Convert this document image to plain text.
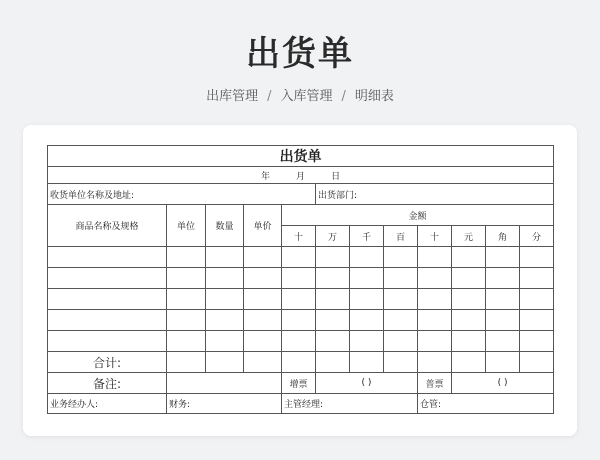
出货单
出库管理 / 入库管理 / 明细表
出货单											
年 月 日											
收货单位名称及地址:					出货部门:						
商品名称及规格	单位	数量	单价	金额							
				十	万	千	百	十	元	角	分

合计:											
备注:				增票	( )			普票	( )		
业务经办人:	财务:			主管经理:				仓管:			
